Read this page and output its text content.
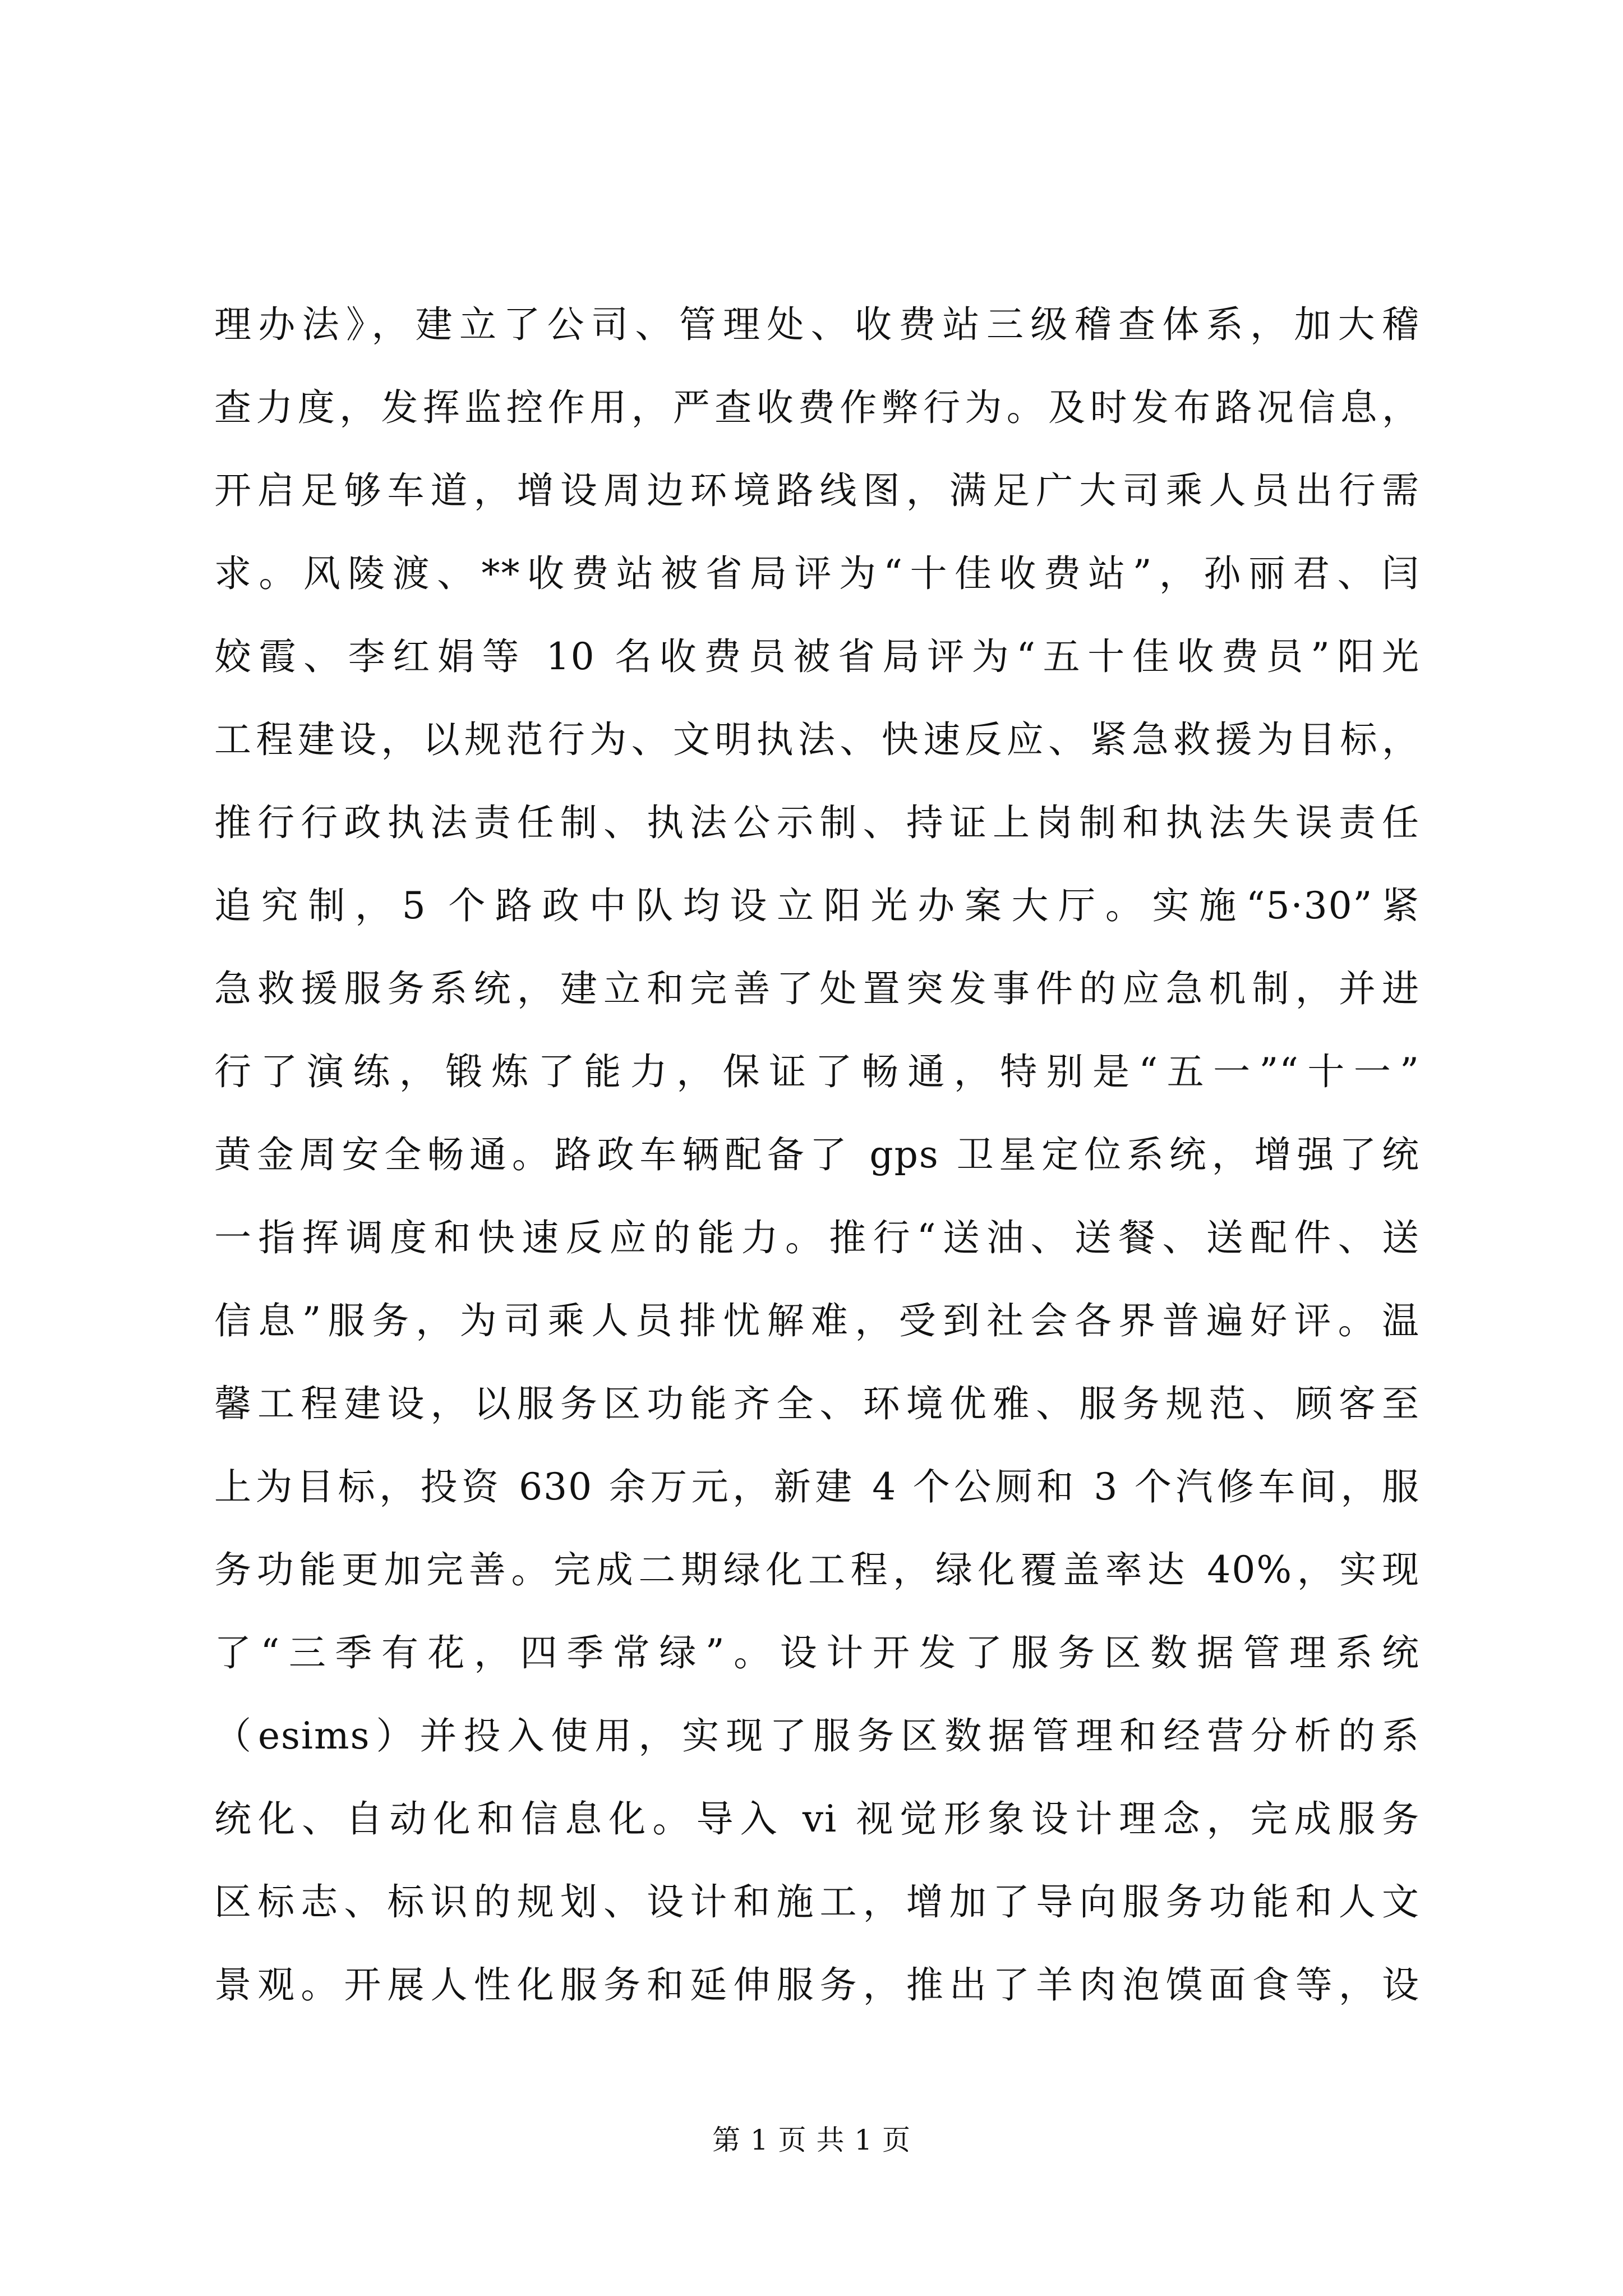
理办法》，建立了公司、管理处、收费站三级稽查体系，加大稽
查力度，发挥监控作用，严查收费作弊行为。及时发布路况信息，
开启足够车道，增设周边环境路线图，满足广大司乘人员出行需
求。风陵渡、**收费站被省局评为“十佳收费站”，孙丽君、闫
姣霞、李红娟等 10 名收费员被省局评为“五十佳收费员”阳光
工程建设，以规范行为、文明执法、快速反应、紧急救援为目标，
推行行政执法责任制、执法公示制、持证上岗制和执法失误责任
追究制，5 个路政中队均设立阳光办案大厅。实施“5·30”紧
急救援服务系统，建立和完善了处置突发事件的应急机制，并进
行了演练，锻炼了能力，保证了畅通，特别是“五一”“十一”
黄金周安全畅通。路政车辆配备了 gps 卫星定位系统，增强了统
一指挥调度和快速反应的能力。推行“送油、送餐、送配件、送
信息”服务，为司乘人员排忧解难，受到社会各界普遍好评。温
馨工程建设，以服务区功能齐全、环境优雅、服务规范、顾客至
上为目标，投资 630 余万元，新建 4 个公厕和 3 个汽修车间，服
务功能更加完善。完成二期绿化工程，绿化覆盖率达 40%，实现
了“三季有花，四季常绿”。设计开发了服务区数据管理系统
（esims）并投入使用，实现了服务区数据管理和经营分析的系
统化、自动化和信息化。导入 vi 视觉形象设计理念，完成服务
区标志、标识的规划、设计和施工，增加了导向服务功能和人文
景观。开展人性化服务和延伸服务，推出了羊肉泡馍面食等，设
第 1 页 共 1 页
